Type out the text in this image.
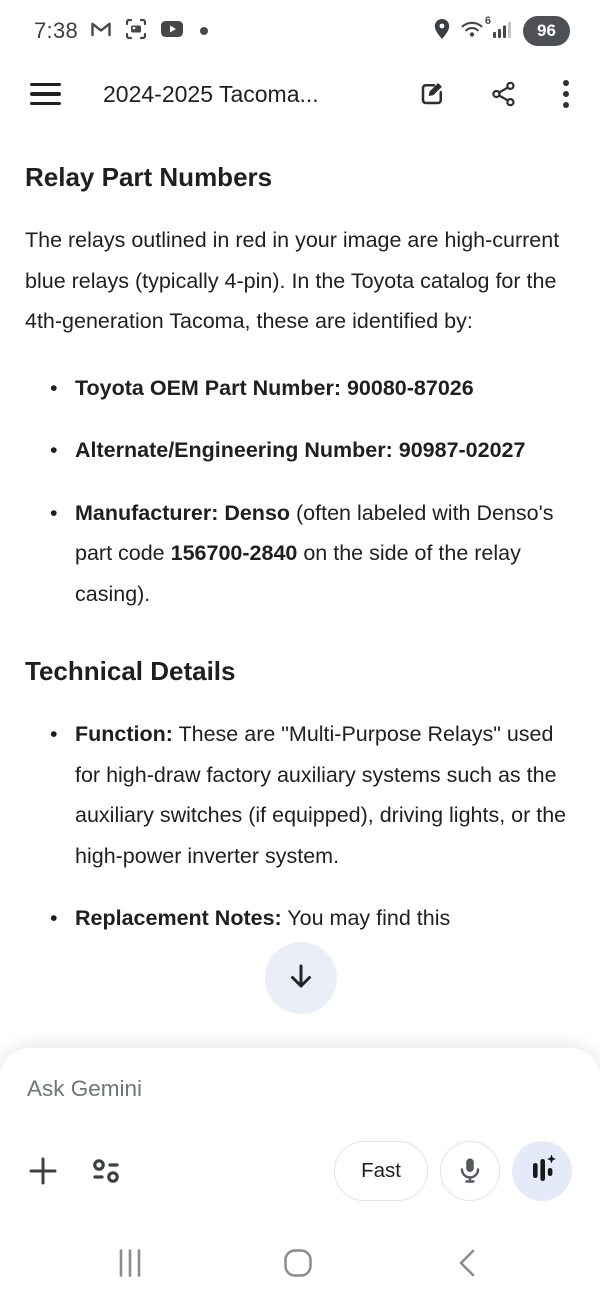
7:38	6	96
2024-2025 Tacoma...
Relay Part Numbers

The relays outlined in red in your image are high-current blue relays (typically 4-pin). In the Toyota catalog for the 4th-generation Tacoma, these are identified by:

• Toyota OEM Part Number: 90080-87026
• Alternate/Engineering Number: 90987-02027
• Manufacturer: Denso (often labeled with Denso's part code 156700-2840 on the side of the relay casing).
Technical Details
• Function: These are "Multi-Purpose Relays" used for high-draw factory auxiliary systems such as the auxiliary switches (if equipped), driving lights, or the high-power inverter system.
• Replacement Notes: You may find this
Ask Gemini
Fast
